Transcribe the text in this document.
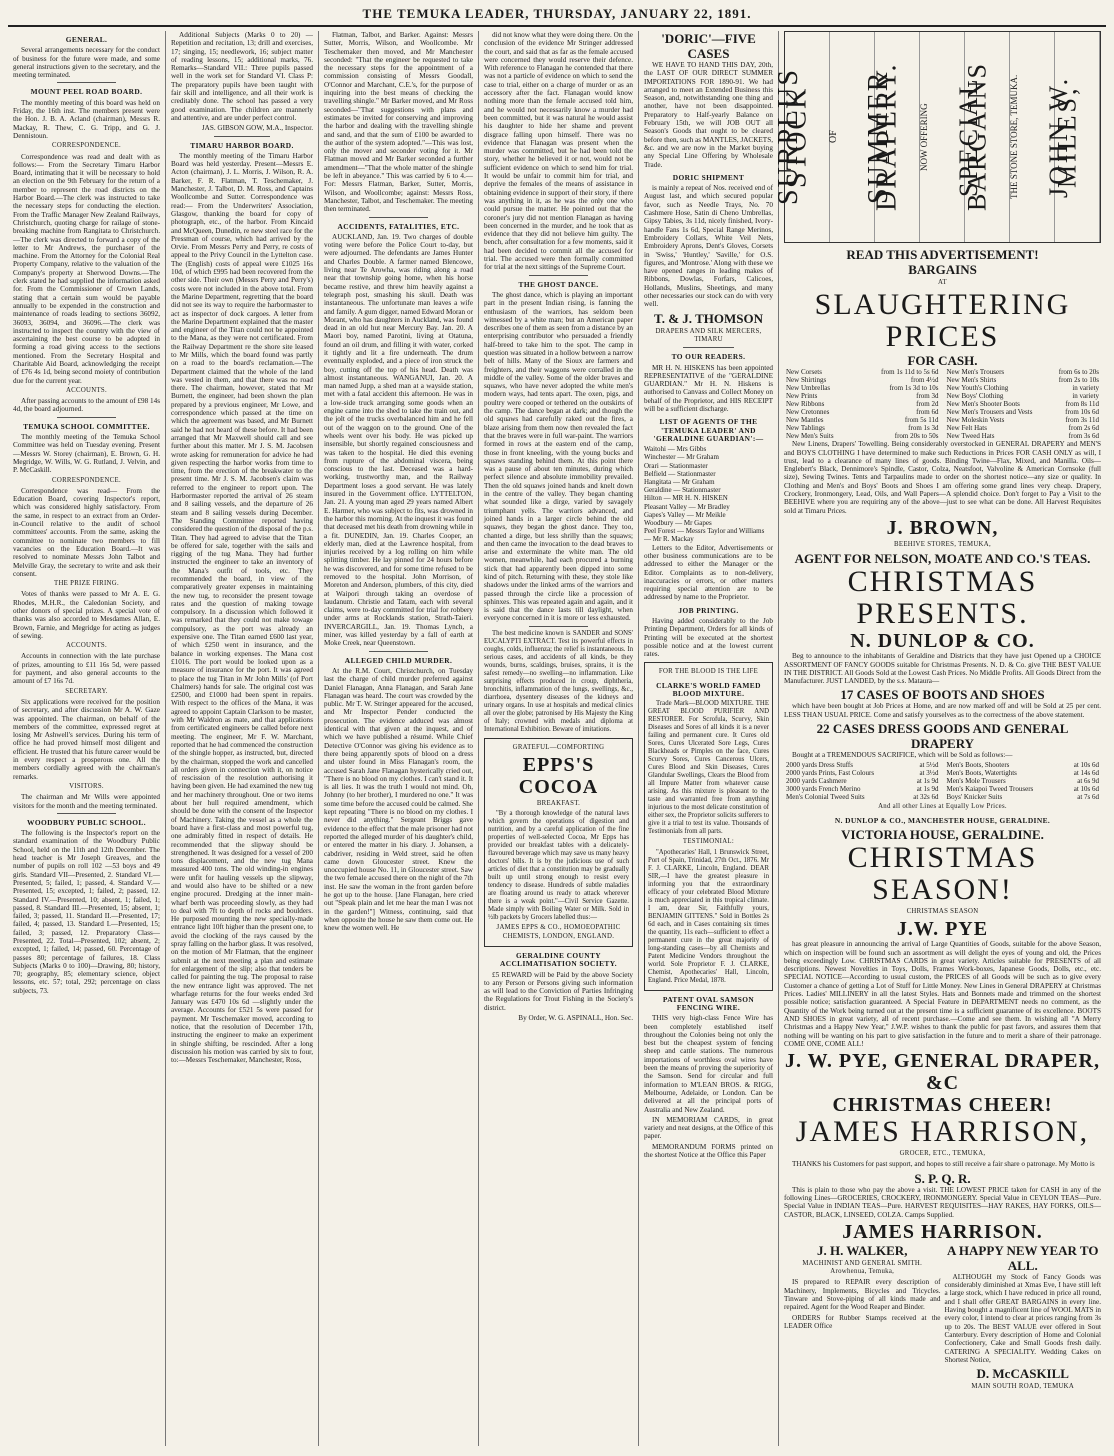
THE TEMUKA LEADER, THURSDAY, JANUARY 22, 1891.
GENERAL.

Several arrangements necessary for the conduct of business for the future were made, and some general instructions given to the secretary, and the meeting terminated.

MOUNT PEEL ROAD BOARD.

The monthly meeting of this board was held on Friday, the 16th inst. The members present were the Hon. J. B. A. Acland (chairman), Messrs R. Mackay, R. Thew, C. G. Tripp, and G. J. Dennistoun.

CORRESPONDENCE.

Correspondence was read and dealt with as follows:— From the Secretary Timaru Harbor Board, intimating that it will be necessary to hold an election on the 9th February for the return of a member to represent the road districts on the Harbor Board.—The clerk was instructed to take the necessary steps for conducting the election. From the Traffic Manager New Zealand Railways, Christchurch, quoting charge for railage of stone-breaking machine from Rangitata to Christchurch.—The clerk was directed to forward a copy of the letter to Mr Andrews, the purchaser of the machine. From the Attorney for the Colonial Real Property Company, relative to the valuation of the Company's property at Sherwood Downs.—The clerk stated he had supplied the information asked for. From the Commissioner of Crown Lands, stating that a certain sum would be payable annually to be expended in the construction and maintenance of roads leading to sections 36092, 36093, 36094, and 36096.—The clerk was instructed to inspect the country with the view of ascertaining the best course to be adopted in forming a road giving access to the sections mentioned. From the Secretary Hospital and Charitable Aid Board, acknowledging the receipt of £76 4s 1d, being second moiety of contribution due for the current year.

ACCOUNTS.

After passing accounts to the amount of £98 14s 4d, the board adjourned.

TEMUKA SCHOOL COMMITTEE.

The monthly meeting of the Temuka School Committee was held on Tuesday evening. Present—Messrs W. Storey (chairman), E. Brown, G. H. Megridge, W. Wills, W. G. Rutland, J. Velvin, and P. McCaskill.

CORRESPONDENCE.

Correspondence was read— From the Education Board, covering Inspector's report, which was considered highly satisfactory. From the same, in respect to an extract from an Order-in-Council relative to the audit of school committees' accounts. From the same, asking the committee to nominate two members to fill vacancies on the Education Board.—It was resolved to nominate Messrs John Talbot and Melville Gray, the secretary to write and ask their consent.

THE PRIZE FIRING.

Votes of thanks were passed to Mr A. E. G. Rhodes, M.H.R., the Caledonian Society, and other donors of special prizes. A special vote of thanks was also accorded to Mesdames Allan, E. Brown, Farnie, and Megridge for acting as judges of sewing.

ACCOUNTS.

Accounts in connection with the late purchase of prizes, amounting to £11 16s 5d, were passed for payment, and also general accounts to the amount of £7 16s 7d.

SECRETARY.

Six applications were received for the position of secretary, and after discussion Mr A. W. Gaze was appointed. The chairman, on behalf of the members of the committee, expressed regret at losing Mr Ashwell's services. During his term of office he had proved himself most diligent and efficient. He trusted that his future career would be in every respect a prosperous one. All the members cordially agreed with the chairman's remarks.

VISITORS.

The chairman and Mr Wills were appointed visitors for the month and the meeting terminated.

WOODBURY PUBLIC SCHOOL.

The following is the Inspector's report on the standard examination of the Woodbury Public School, held on the 11th and 12th December. The head teacher is Mr Joseph Greaves, and the number of pupils on roll 102 —53 boys and 49 girls. Standard VII—Presented, 2. Standard VI.—Presented, 5; failed, 1; passed, 4. Standard V.—Presented, 15; excepted, 1; failed, 2; passed, 12. Standard IV.—Presented, 10; absent, 1; failed, 1; passed, 8. Standard III.—Presented, 15; absent, 1; failed, 3; passed, 11. Standard II.—Presented, 17; failed, 4; passed, 13. Standard I.—Presented, 15; failed, 3; passed, 12. Preparatory Class—Presented, 22. Total—Presented, 102; absent, 2; excepted, 1; failed, 14; passed, 60. Percentage of passes 80; percentage of failures, 18. Class Subjects (Marks 0 to 100)—Drawing, 80; history, 70; geography, 85; elementary science, object lessons, etc. 57; total, 292; percentage on class subjects, 73.

Additional Subjects (Marks 0 to 20) —Repetition and recitation, 13; drill and exercises, 17; singing, 15; needlework, 16; subject matter of reading lessons, 15; additional marks, 76. Remarks—Standard VII.: Three pupils passed well in the work set for Standard VI. Class P: The preparatory pupils have been taught with fair skill and intelligence, and all their work is creditably done. The school has passed a very good examination. The children are mannerly and attentive, and are under perfect control.

JAS. GIBSON GOW, M.A., Inspector.
TIMARU HARBOR BOARD.

The monthly meeting of the Timaru Harbor Board was held yesterday. Present—Messrs E. Acton (chairman), J. L. Morris, J. Wilson, R. A. Barker, F. R. Flatman, T. Teschemaker, J. Manchester, J. Talbot, D. M. Ross, and Captains Woollcombe and Sutter. Correspondence was read:— From the Underwriters' Association, Glasgow, thanking the board for copy of photograph, etc., of the harbor. From Kincaid and McQueen, Dunedin, re new steel race for the Pressman of course, which had arrived by the Orvie. From Messrs Perry and Perry, re costs of appeal to the Privy Council in the Lyttelton case. The (English) costs of appeal were £1025 16s 10d, of which £995 had been recovered from the other side. Their own (Messrs Perry and Perry's) costs were not included in the above total. From the Marine Department, regretting that the board did not see its way to require the harbormaster to act as inspector of dock cargoes. A letter from the Marine Department explained that the master and engineer of the Titan could not be appointed to the Mana, as they were not certificated. From the Railway Department re the shore site leased to Mr Mills, which the board found was partly on a road to the board's reclamation.—The Department claimed that the whole of the land was vested in them, and that there was no road there. The chairman, however, stated that Mr Burnett, the engineer, had been shown the plan prepared by a previous engineer, Mr Lowe, and correspondence which passed at the time on which the agreement was based, and Mr Burnett said he had not heard of these before. It had been arranged that Mr Maxwell should call and see further about this matter. Mr J. S. M. Jacobsen wrote asking for remuneration for advice he had given respecting the harbor works from time to time, from the erection of the breakwater to the present time. Mr J. S. M. Jacobsen's claim was referred to the engineer to report upon. The Harbormaster reported the arrival of 26 steam and 8 sailing vessels, and the departure of 26 steam and 8 sailing vessels during December. The Standing Committee reported having considered the question of the disposal of the p.s. Titan. They had agreed to advise that the Titan be offered for sale, together with the sails and rigging of the tug Mana. They had further instructed the engineer to take an inventory of the Mana's outfit of tools, etc. They recommended the board, in view of the comparatively greater expenses in maintaining the new tug, to reconsider the present towage rates and the question of making towage compulsory. In a discussion which followed it was remarked that they could not make towage compulsory, as the port was already an expensive one. The Titan earned £600 last year, of which £250 went in insurance, and the balance in working expenses. The Mana cost £1016. The port would be looked upon as a measure of insurance for the port. It was agreed to place the tug Titan in Mr John Mills' (of Port Chalmers) hands for sale. The original cost was £2500, and £1000 had been spent in repairs. With respect to the offices of the Mana, it was agreed to appoint Captain Clarkson to be master, with Mr Waldron as mate, and that applications from certificated engineers be called before next meeting. The engineer, Mr F. W. Marchant, reported that he had commenced the construction of the shingle hopper, as instructed, but, directed by the chairman, stopped the work and cancelled all orders given in connection with it, on notice of rescission of the resolution authorising it having been given. He had examined the new tug and her machinery throughout. One or two items about her hull required amendment, which should be done with the consent of the Inspector of Machinery. Taking the vessel as a whole the board have a first-class and most powerful tug, one admirably fitted in respect of details. He recommended that the slipway should be strengthened. It was designed for a vessel of 200 tons displacement, and the new tug Mana measured 400 tons. The old winding-in engines were unfit for hauling vessels up the slipway, and would also have to be shifted or a new engine procured. Dredging at the inner main-wharf berth was proceeding slowly, as they had to deal with 7ft to depth of rocks and boulders. He purposed mounting the new specially-made entrance light 10ft higher than the present one, to avoid the clocking of the rays caused by the spray falling on the harbor glass. It was resolved, on the motion of Mr Flatman, that the engineer submit at the next meeting a plan and estimate for enlargement of the slip; also that tenders be called for painting the tug. The proposal to raise the new entrance light was approved. The net wharfage returns for the four weeks ended 3rd January was £470 10s 6d —slightly under the average. Accounts for £521 5s were passed for payment. Mr Teschemaker moved, according to notice, that the resolution of December 17th, instructing the engineer to make an experiment in shingle shifting, be rescinded. After a long discussion his motion was carried by six to four, to:—Messrs Teschemaker, Manchester, Ross,

Flatman, Talbot, and Barker. Against: Messrs Sutter, Morris, Wilson, and Woollcombe. Mr Teschemaker then moved, and Mr Manchester seconded: "That the engineer be requested to take the necessary steps for the appointment of a commission consisting of Messrs Goodall, O'Connor and Marchant, C.E.'s, for the purpose of inquiring into the best means of checking the travelling shingle." Mr Barker moved, and Mr Ross seconded—"That suggestions with plans and estimates be invited for conserving and improving the harbor and dealing with the travelling shingle and sand, and that the sum of £100 be awarded to the author of the system adopted."—This was lost, only the mover and seconder voting for it. Mr Flatman moved and Mr Barker seconded a further amendment—"That the whole matter of the shingle be left in abeyance." This was carried by 6 to 4.—For: Messrs Flatman, Barker, Sutter, Morris, Wilson, and Woollcombe; against: Messrs Ross, Manchester, Talbot, and Teschemaker. The meeting then terminated.

ACCIDENTS, FATALITIES, ETC.

AUCKLAND, Jan. 19. Two charges of double voting were before the Police Court to-day, but were adjourned. The defendants are James Hunter and Charles Double. A farmer named Blencowe, living near Te Arowha, was riding along a road near that township going home, when his horse became restive, and threw him heavily against a telegraph post, smashing his skull. Death was instantaneous. The unfortunate man leaves a wife and family. A gum digger, named Edward Moran or Morant, who has daughters in Auckland, was found dead in an old hut near Mercury Bay. Jan. 20. A Maori boy, named Parotini, living at Otatuna, found an oil drum, and filling it with water, corked it tightly and lit a fire underneath. The drum eventually exploded, and a piece of iron struck the boy, cutting off the top of his head. Death was almost instantaneous. WANGANUI, Jan. 20. A man named Jupp, a shed man at a wayside station, met with a fatal accident this afternoon. He was in a low-side truck arranging some goods when an engine came into the shed to take the train out, and the jolt of the trucks overbalanced him and he fell out of the waggon on to the ground. One of the wheels went over his body. He was picked up insensible, but shortly regained consciousness and was taken to the hospital. He died this evening from rupture of the abdominal viscera, being conscious to the last. Deceased was a hard-working, trustworthy man, and the Railway Department loses a good servant. He was lately insured in the Government office. LYTTELTON, Jan. 21. A young man aged 29 years named Albert E. Harmer, who was subject to fits, was drowned in the harbor this morning. At the inquest it was found that deceased met his death from drowning while in a fit. DUNEDIN, Jan. 19. Charles Cooper, an elderly man, died at the Lawrence hospital, from injuries received by a log rolling on him while splitting timber. He lay pinned for 24 hours before he was discovered, and for some time refused to be removed to the hospital. John Morrison, of Moreton and Anderson, plumbers, of this city, died at Waipori through taking an overdose of laudanum. Christie and Tatam, each with several claims, were to-day committed for trial for robbery under arms at Rocklands station, Strath-Taieri. INVERCARGILL, Jan. 19. Thomas Lynch, a miner, was killed yesterday by a fall of earth at Moke Creek, near Queenstown.

ALLEGED CHILD MURDER.

At the R.M. Court, Christchurch, on Tuesday last the charge of child murder preferred against Daniel Flanagan, Anna Flanagan, and Sarah Jane Flanagan was heard. The court was crowded by the public. Mr T. W. Stringer appeared for the accused, and Mr Inspector Pender conducted the prosecution. The evidence adduced was almost identical with that given at the inquest, and of which we have published a résumé. While Chief Detective O'Connor was giving his evidence as to there being apparently spots of blood on a dress and ulster found in Miss Flanagan's room, the accused Sarah Jane Flanagan hysterically cried out, "There is no blood on my clothes. I can't stand it. It is all lies. It was the truth I would not mind. Oh, Johnny (to her brother), I murdered no one." It was some time before the accused could be calmed. She kept repeating "There is no blood on my clothes. I never did anything." Sergeant Briggs gave evidence to the effect that the male prisoner had not reported the alleged murder of his daughter's child, or entered the matter in his diary. J. Johansen, a cabdriver, residing in Weld street, said he often came down Gloucester street. Knew the unoccupied house No. 11, in Gloucester street. Saw the two female accused there on the night of the 7th inst. He saw the woman in the front garden before he got up to the house. [Jane Flanagan, here cried out "Speak plain and let me hear the man I was not in the garden!"] Witness, continuing, said that when opposite the house he saw them come out. He knew the women well. He

did not know what they were doing there. On the conclusion of the evidence Mr Stringer addressed the court, and said that as far as the female accused were concerned they would reserve their defence. With reference to Flanagan he contended that there was not a particle of evidence on which to send the case to trial, either on a charge of murder or as an accessory after the fact. Flanagan would know nothing more than the female accused told him, and he would not necessarily know a murder had been committed, but it was natural he would assist his daughter to hide her shame and prevent disgrace falling upon himself. There was no evidence that Flanagan was present when the murder was committed, but he had been told the story, whether he believed it or not, would not be sufficient evidence on which to send him for trial. It would be unfair to commit him for trial, and deprive the females of the means of assistance in obtaining evidence in support of their story, if there was anything in it, as he was the only one who could pursue the matter. He pointed out that the coroner's jury did not mention Flanagan as having been concerned in the murder, and he took that as evidence that they did not believe him guilty. The bench, after consultation for a few moments, said it had been decided to commit all the accused for trial. The accused were then formally committed for trial at the next sittings of the Supreme Court.

THE GHOST DANCE.

The ghost dance, which is playing an important part in the present Indian rising, is fanning the enthusiasm of the warriors, has seldom been witnessed by a white man; but an American paper describes one of them as seen from a distance by an enterprising contributor who persuaded a friendly half-breed to take him to the spot. The camp in question was situated in a hollow between a narrow belt of hills. Many of the Sioux are farmers and freighters, and their waggons were corralled in the middle of the valley. Some of the older braves and squaws, who have never adopted the white men's modern ways, had tents apart. The oxen, pigs, and poultry were cooped or tethered on the outskirts of the camp. The dance began at dark; and though the old squaws had carefully raked out the fires, a blaze arising from them now then revealed the fact that the braves were in full war-paint. The warriors formed in rows at the eastern end of the camp, those in front kneeling, with the young bucks and squaws standing behind them. At this point there was a pause of about ten minutes, during which perfect silence and absolute immobility prevailed. Then the old squaws joined hands and knelt down in the centre of the valley. They began chanting what sounded like a dirge, varied by savagely triumphant yells. The warriors advanced, and joined hands in a larger circle behind the old squaws, they began the ghost dance. They too, chanted a dirge, but less shrilly than the squaws; and then came the invocation to the dead braves to arise and exterminate the white man. The old women, meanwhile, had each procured a burning stick that had apparently been dipped into some kind of pitch. Returning with these, they stole like shadows under the linked arms of the warriors and passed through the circle like a procession of sphinxes. This was repeated again and again, and it is said that the dance lasts till daylight, when everyone concerned in it is more or less exhausted.

The best medicine known is SANDER and SONS' EUCALYPTI EXTRACT. Test its powerful effects in coughs, colds, influenza; the relief is instantaneous. In serious cases, and accidents of all kinds, be they wounds, burns, scaldings, bruises, sprains, it is the safest remedy—no swelling—no inflammation. Like surprising effects produced in croup, diphtheria, bronchitis, inflammation of the lungs, swellings, &c., diarrhoea, dysentery diseases of the kidneys and urinary organs. In use at hospitals and medical clinics all over the globe; patronised by His Majesty the King of Italy; crowned with medals and diploma at International Exhibition. Beware of imitations.

GRATEFUL—COMFORTING
EPPS'S COCOA
BREAKFAST.

"By a thorough knowledge of the natural laws which govern the operations of digestion and nutrition, and by a careful application of the fine properties of well-selected Cocoa, Mr Epps has provided our breakfast tables with a delicately-flavoured beverage which may save us many heavy doctors' bills. It is by the judicious use of such articles of diet that a constitution may be gradually built up until strong enough to resist every tendency to disease. Hundreds of subtle maladies are floating around us ready to attack wherever there is a weak point."—Civil Service Gazette. Made simply with Boiling Water or Milk. Sold in ½lb packets by Grocers labelled thus:—

JAMES EPPS & CO., HOMOEOPATHIC CHEMISTS, LONDON, ENGLAND.
GERALDINE COUNTY ACCLIMATISATION SOCIETY.

£5 REWARD will be Paid by the above Society to any Person or Persons giving such information as will lead to the Conviction of Parties Infringing the Regulations for Trout Fishing in the Society's district.

By Order, W. G. ASPINALL, Hon. Sec.
'DORIC'—FIVE CASES

WE HAVE TO HAND THIS DAY, 20th, the LAST OF OUR DIRECT SUMMER IMPORTATIONS FOR 1890-91. We had arranged to meet an Extended Business this Season, and, notwithstanding one thing and another, have not been disappointed. Preparatory to Half-yearly Balance on February 15th, we will JOB OUT all Season's Goods that ought to be cleared before then, such as MANTLES, JACKETS, &c. and we are now in the Market buying any Special Line Offering by Wholesale Trade.

DORIC SHIPMENT

is mainly a repeat of Nos. received end of August last, and which secured popular favor, such as Needle Trays, No. 70 Cashmere Hose, Satin di Cheno Umbrellas, Gipsy Tabies, 3s 11d, nicely finished, Ivory-handle Fans 1s 6d, Special Range Merinos, Embroidery Collars, White Veil Nets, Embroidery Aprons, Dent's Gloves, Corsets in 'Swiss,' 'Huntley,' 'Saville,' for O.S. figures, and 'Montrose.' Along with these we have opened ranges in leading makes of Ribbons, Dowlas, Forfars, Calicoes, Hollands, Muslins, Sheetings, and many other necessaries our stock can do with very well.

T. & J. THOMSON
DRAPERS AND SILK MERCERS, TIMARU
TO OUR READERS.

MR H. N. HISKENS has been appointed REPRESENTATIVE of the "GERALDINE GUARDIAN." Mr H. N. Hiskens is authorised to Canvass and Collect Money on behalf of the Proprietor, and HIS RECEIPT will be a sufficient discharge.

LIST OF AGENTS OF THE 'TEMUKA LEADER' AND 'GERALDINE GUARDIAN':—
Waitohi — Mrs Gibbs
Winchester — Mr Graham
Orari — Stationmaster
Belfield — Stationmaster
Hangitata — Mr Graham
Geraldine — Stationmaster
Hilton — MR H. N. HISKEN
Pleasant Valley — Mr Bradley
Gapes's Valley — Mr Meikle
Woodbury — Mr Gapes
Peel Forest — Messrs Taylor and Williams
— Mr R. Mackay

Letters to the Editor, Advertisements or other business communications are to be addressed to either the Manager or the Editor. Complaints as to non-delivery, inaccuracies or errors, or other matters requiring special attention are to be addressed by name to the Proprietor.

JOB PRINTING.

Having added considerably to the Job Printing Department, Orders for all kinds of Printing will be executed at the shortest possible notice and at the lowest current rates.

FOR THE BLOOD IS THE LIFE
CLARKE'S WORLD FAMED BLOOD MIXTURE.

Trade Mark—BLOOD MIXTURE. THE GREAT BLOOD PURIFIER AND RESTORER. For Scrofula, Scurvy, Skin Diseases and Sores of all kinds it is a never failing and permanent cure. It Cures old Sores, Cures Ulcerated Sore Legs, Cures Blackheads or Pimples on the face, Cures Scurvy Sores, Cures Cancerous Ulcers, Cures Blood and Skin Diseases, Cures Glandular Swellings, Clears the Blood from all Impure Matter from whatever cause arising. As this mixture is pleasant to the taste and warranted free from anything injurious to the most delicate constitution of either sex, the Proprietor solicits sufferers to give it a trial to test its value. Thousands of Testimonials from all parts.

TESTIMONIAL:

"Apothecaries' Hall, 1 Brunswick Street, Port of Spain, Trinidad, 27th Oct., 1876. Mr F. J. CLARKE, Lincoln, England. DEAR SIR,—I have the greatest pleasure in informing you that the extraordinary efficacy of your celebrated Blood Mixture is much appreciated in this tropical climate. I am, dear Sir, Faithfully yours, BENJAMIN GITTENS." Sold in Bottles 2s 6d each, and in Cases containing six times the quantity, 11s each—sufficient to effect a permanent cure in the great majority of long-standing cases—by all Chemists and Patent Medicine Vendors throughout the world. Sole Proprietor F. J. CLARKE, Chemist, Apothecaries' Hall, Lincoln, England. Price Medal, 1878.

PATENT OVAL SAMSON FENCING WIRE.

THIS very high-class Fence Wire has been completely established itself throughout the Colonies being not only the best but the cheapest system of fencing sheep and cattle stations. The numerous importations of worthless oval wires have been the means of proving the superiority of the Samson. Send for circular and full information to M'LEAN BROS. & RIGG, Melbourne, Adelaide, or London. Can be delivered at all the principal ports of Australia and New Zealand.

IN MEMORIAM CARDS, in great variety and neat designs, at the Office of this paper.

MEMORANDUM FORMS printed on the shortest Notice at the Office this Paper

SURPLUS STOCK	OF SUMMER DRAPERY.	NOW OFFERING SPECIAL BARGAINS	THE STONE STORE, TEMUKA. JOHN W. MILES,
READ THIS ADVERTISEMENT!
BARGAINS
AT
SLAUGHTERING PRICES
FOR CASH.
New Corsets	from 1s 11d to 5s 6d
New Shirtings	from 4½d
New Umbrellas	from 1s 3d to 10s
New Prints	from 3d
New Ribbons	from 2d
New Cretonnes	from 6d
New Mantles	from 5s 11d
New Tablings	from 1s 3d
New Men's Suits	from 20s to 50s
New Men's Trousers	from 6s to 20s
New Men's Shirts	from 2s to 10s
New Youth's Clothing	in variety
New Boys' Clothing	in variety
New Men's Shooter Boots	from 8s 11d
New Men's Trousers and Vests	from 10s 6d
New Moleskin Vests	from 3s 11d
New Felt Hats	from 2s 6d
New Tweed Hats	from 3s 6d

New Linens, Drapers' Towelling. Being considerably overstocked in GENERAL DRAPERY and MEN'S and BOYS CLOTHING I have determined to make such Reductions in Prices FOR CASH ONLY as will, I trust, lead to a clearance of many lines of goods. Binding Twine—Flax, Mixed, and Manilla. Oils—Englebert's Black, Dennimore's Spindle, Castor, Colza, Neatsfoot, Valvoline & American Cornsoke (full size), Sewing Twines. Tents and Tarpaulins made to order on the shortest notice—any size or quality. In Clothing and Men's and Boys' Boots and Shoes I am offering some grand lines very cheap. Drapery, Crockery, Ironmongery, Lead, Oils, and Wall Papers—A splendid choice. Don't forget to Pay a Visit to the BEEHIVE where you are requiring any of the above—just to see what can be done. All Harvest Requisites sold at Timaru Prices.

J. BROWN,
BEEHIVE STORES, TEMUKA,
AGENT FOR NELSON, MOATE AND CO.'S TEAS.
CHRISTMAS PRESENTS.
N. DUNLOP & CO.

Beg to announce to the inhabitants of Geraldine and Districts that they have just Opened up a CHOICE ASSORTMENT OF FANCY GOODS suitable for Christmas Presents. N. D. & Co. give THE BEST VALUE IN THE DISTRICT. All Goods Sold at the Lowest Cash Prices. No Middle Profits. All Goods Direct from the Manufacturer. JUST LANDED, by the s.s. Mataura—

17 CASES OF BOOTS AND SHOES

which have been bought at Job Prices at Home, and are now marked off and will be Sold at 25 per cent. LESS THAN USUAL PRICE. Come and satisfy yourselves as to the correctness of the above statement.

22 CASES DRESS GOODS AND GENERAL DRAPERY

Bought at a TREMENDOUS SACRIFICE, which will be Sold as follows:—

2000 yards Dress Stuffs	at 5½d
2000 yards Prints, Fast Colours	at 3½d
2000 yards Cashmere	at 1s 9d
3000 yards French Merino	at 1s 9d
Men's Colonial Tweed Suits	at 32s 6d
Men's Boots, Shooters	at 10s 6d
Men's Boots, Watertights	at 14s 6d
Men's Mole Trousers	at 6s 9d
Men's Kaiapoi Tweed Trousers	at 10s 6d
Boys' Knicker Suits	at 7s 6d
And all other Lines at Equally Low Prices.
N. DUNLOP & CO., MANCHESTER HOUSE, GERALDINE.
VICTORIA HOUSE, GERALDINE.
CHRISTMAS SEASON!
CHRISTMAS SEASON
J.W. PYE

has great pleasure in announcing the arrival of Large Quantities of Goods, suitable for the above Season, which on inspection will be found such an assortment as will delight the eyes of young and old, the Prices being exceedingly Low. CHRISTMAS CARDS in great variety. Articles suitable for PRESENTS of all descriptions. Newest Novelties in Toys, Dolls, Frames Work-boxes, Japanese Goods, Dolls, etc., etc. SPECIAL NOTICE—According to usual custom, the PRICES of all Goods will be such as to give every Customer a chance of getting a Lot of Stuff for Little Money. New Lines in General DRAPERY at Christmas Prices. Ladies' MILLINERY in all the latest Styles. Hats and Bonnets made and trimmed on the shortest possible notice; satisfaction guaranteed. A Special Feature in DEPARTMENT needs no comment, as the Quantity of the Work being turned out at the present time is a sufficient guarantee of its excellence. BOOTS AND SHOES in great variety, all of recent purchase.—Come and see them. In wishing all "A Merry Christmas and a Happy New Year," J.W.P. wishes to thank the public for past favors, and assures them that nothing will be wanting on his part to give satisfaction in the future and to merit a share of their patronage. COME ONE, COME ALL!

J. W. PYE, GENERAL DRAPER, &C
CHRISTMAS CHEER!
JAMES HARRISON,
GROCER, ETC., TEMUKA,

THANKS his Customers for past support, and hopes to still receive a fair share o patronage. My Motto is

S. P. Q. R.

This is plain to those who pay the above a visit. THE LOWEST PRICE taken for CASH in any of the following Lines—GROCERIES, CROCKERY, IRONMONGERY. Special Value in CEYLON TEAS—Pure. Special Value in INDIAN TEAS—Pure. HARVEST REQUISITES—HAY RAKES, HAY FORKS, OILS—CASTOR, BLACK, LINSEED, COLZA. Camps Supplied.

JAMES HARRISON.
J. H. WALKER,
MACHINIST AND GENERAL SMITH. Arowhenua, Temuka,

IS prepared to REPAIR every description of Machinery, Implements, Bicycles and Tricycles. Tinware and Stove-piping of all kinds made and repaired. Agent for the Wood Reaper and Binder.

ORDERS for Rubber Stamps received at the LEADER Office

A HAPPY NEW YEAR TO ALL.

ALTHOUGH my Stock of Fancy Goods was considerably diminished at Xmas Eve, I have still left a large stock, which I have reduced in price all round, and I shall offer GREAT BARGAINS in every line. Having bought a magnificent line of WOOL MATS in every color, I intend to clear at prices ranging from 3s up to 20s. The BEST VALUE ever offered in Sout Canterbury. Every description of Home and Colonial Confectionery, Cake and Small Goods fresh daily. CATERING A SPECIALITY. Wedding Cakes on Shortest Notice,

D. McCASKILL
MAIN SOUTH ROAD, TEMUKA
